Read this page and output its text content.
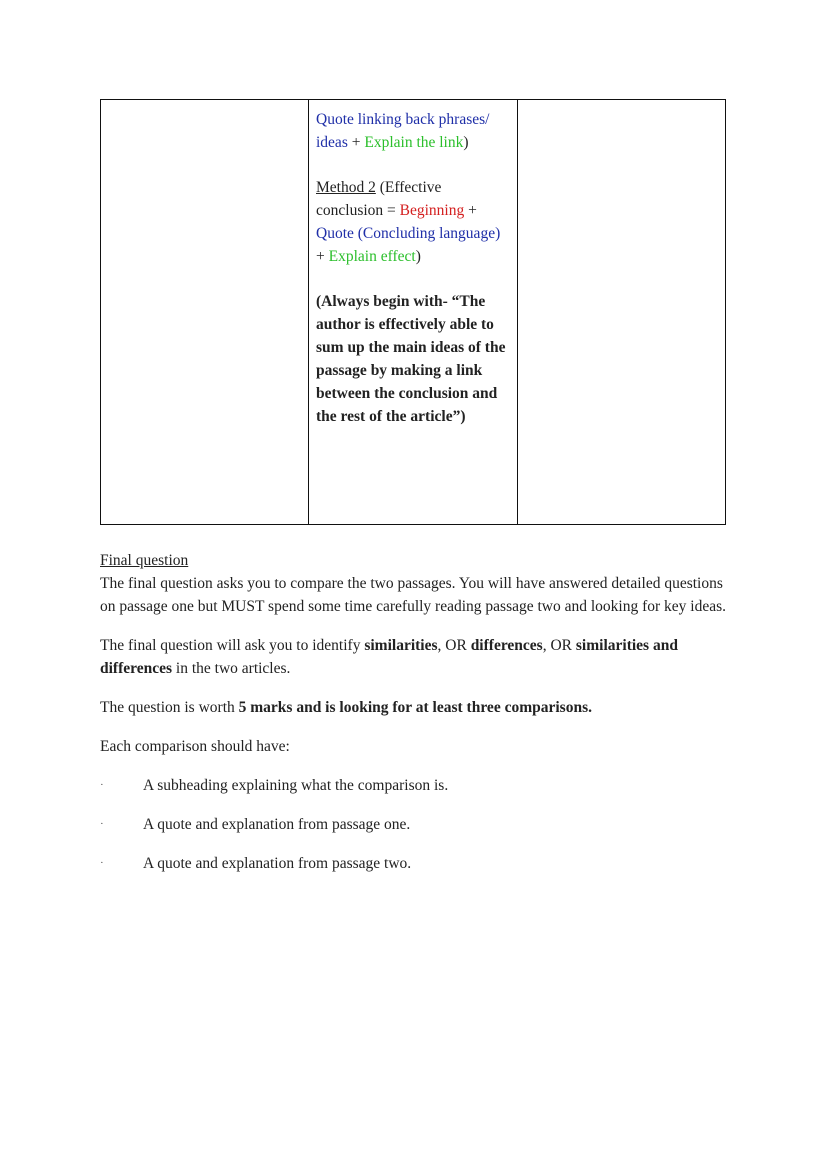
Quote linking back phrases/ ideas + Explain the link)

Method 2 (Effective conclusion = Beginning + Quote (Concluding language) + Explain effect)

(Always begin with- “The author is effectively able to sum up the main ideas of the passage by making a link between the conclusion and the rest of the article”)

Final question

The final question asks you to compare the two passages. You will have answered detailed questions on passage one but MUST spend some time carefully reading passage two and looking for key ideas.

The final question will ask you to identify similarities, OR differences, OR similarities and differences in the two articles.

The question is worth 5 marks and is looking for at least three comparisons.

Each comparison should have:

·	A subheading explaining what the comparison is.
·	A quote and explanation from passage one.
·	A quote and explanation from passage two.
